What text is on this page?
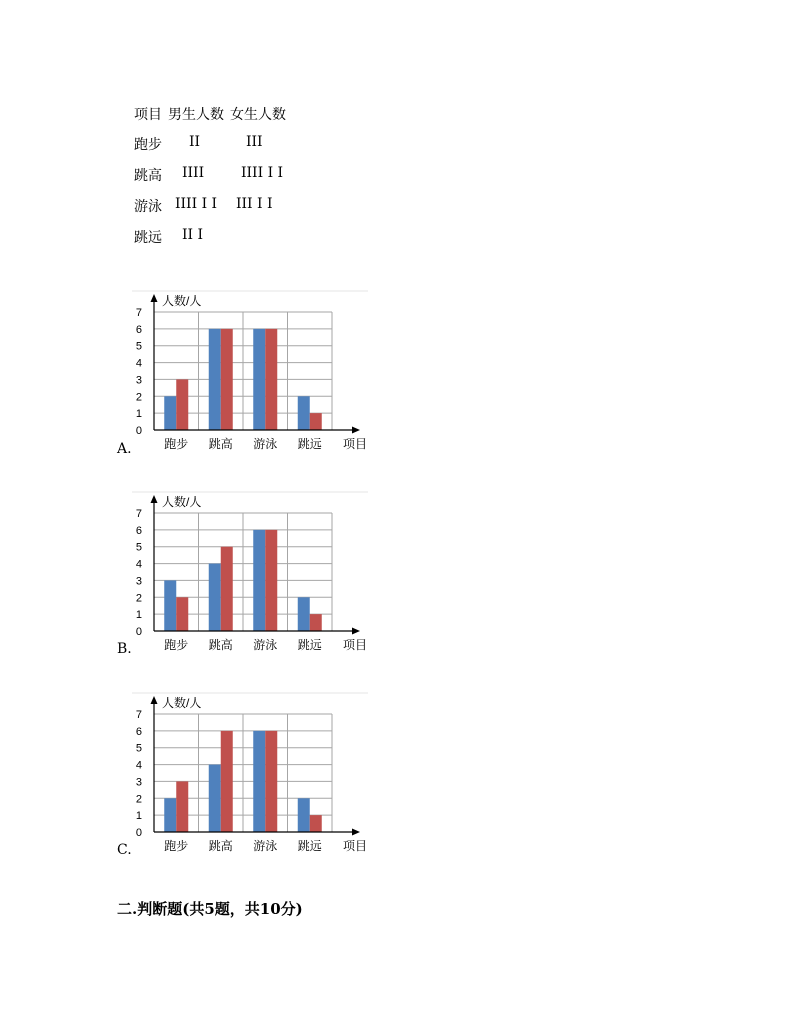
项目 男生人数 女生人数
跑步 II	III
跳高 IIII	IIII I I
游泳 IIII I I III I I
跳远 II I
0
1
2
3
4
5
6
7
跑步 跳高 游泳 跳远
人数/人
项目
A.
0
1
2
3
4
5
6
7
跑步 跳高 游泳 跳远
人数/人
项目
B.
0
1
2
3
4
5
6
7
跑步 跳高 游泳 跳远
人数/人
项目
C.
二.判断题(共5题，共10分)
